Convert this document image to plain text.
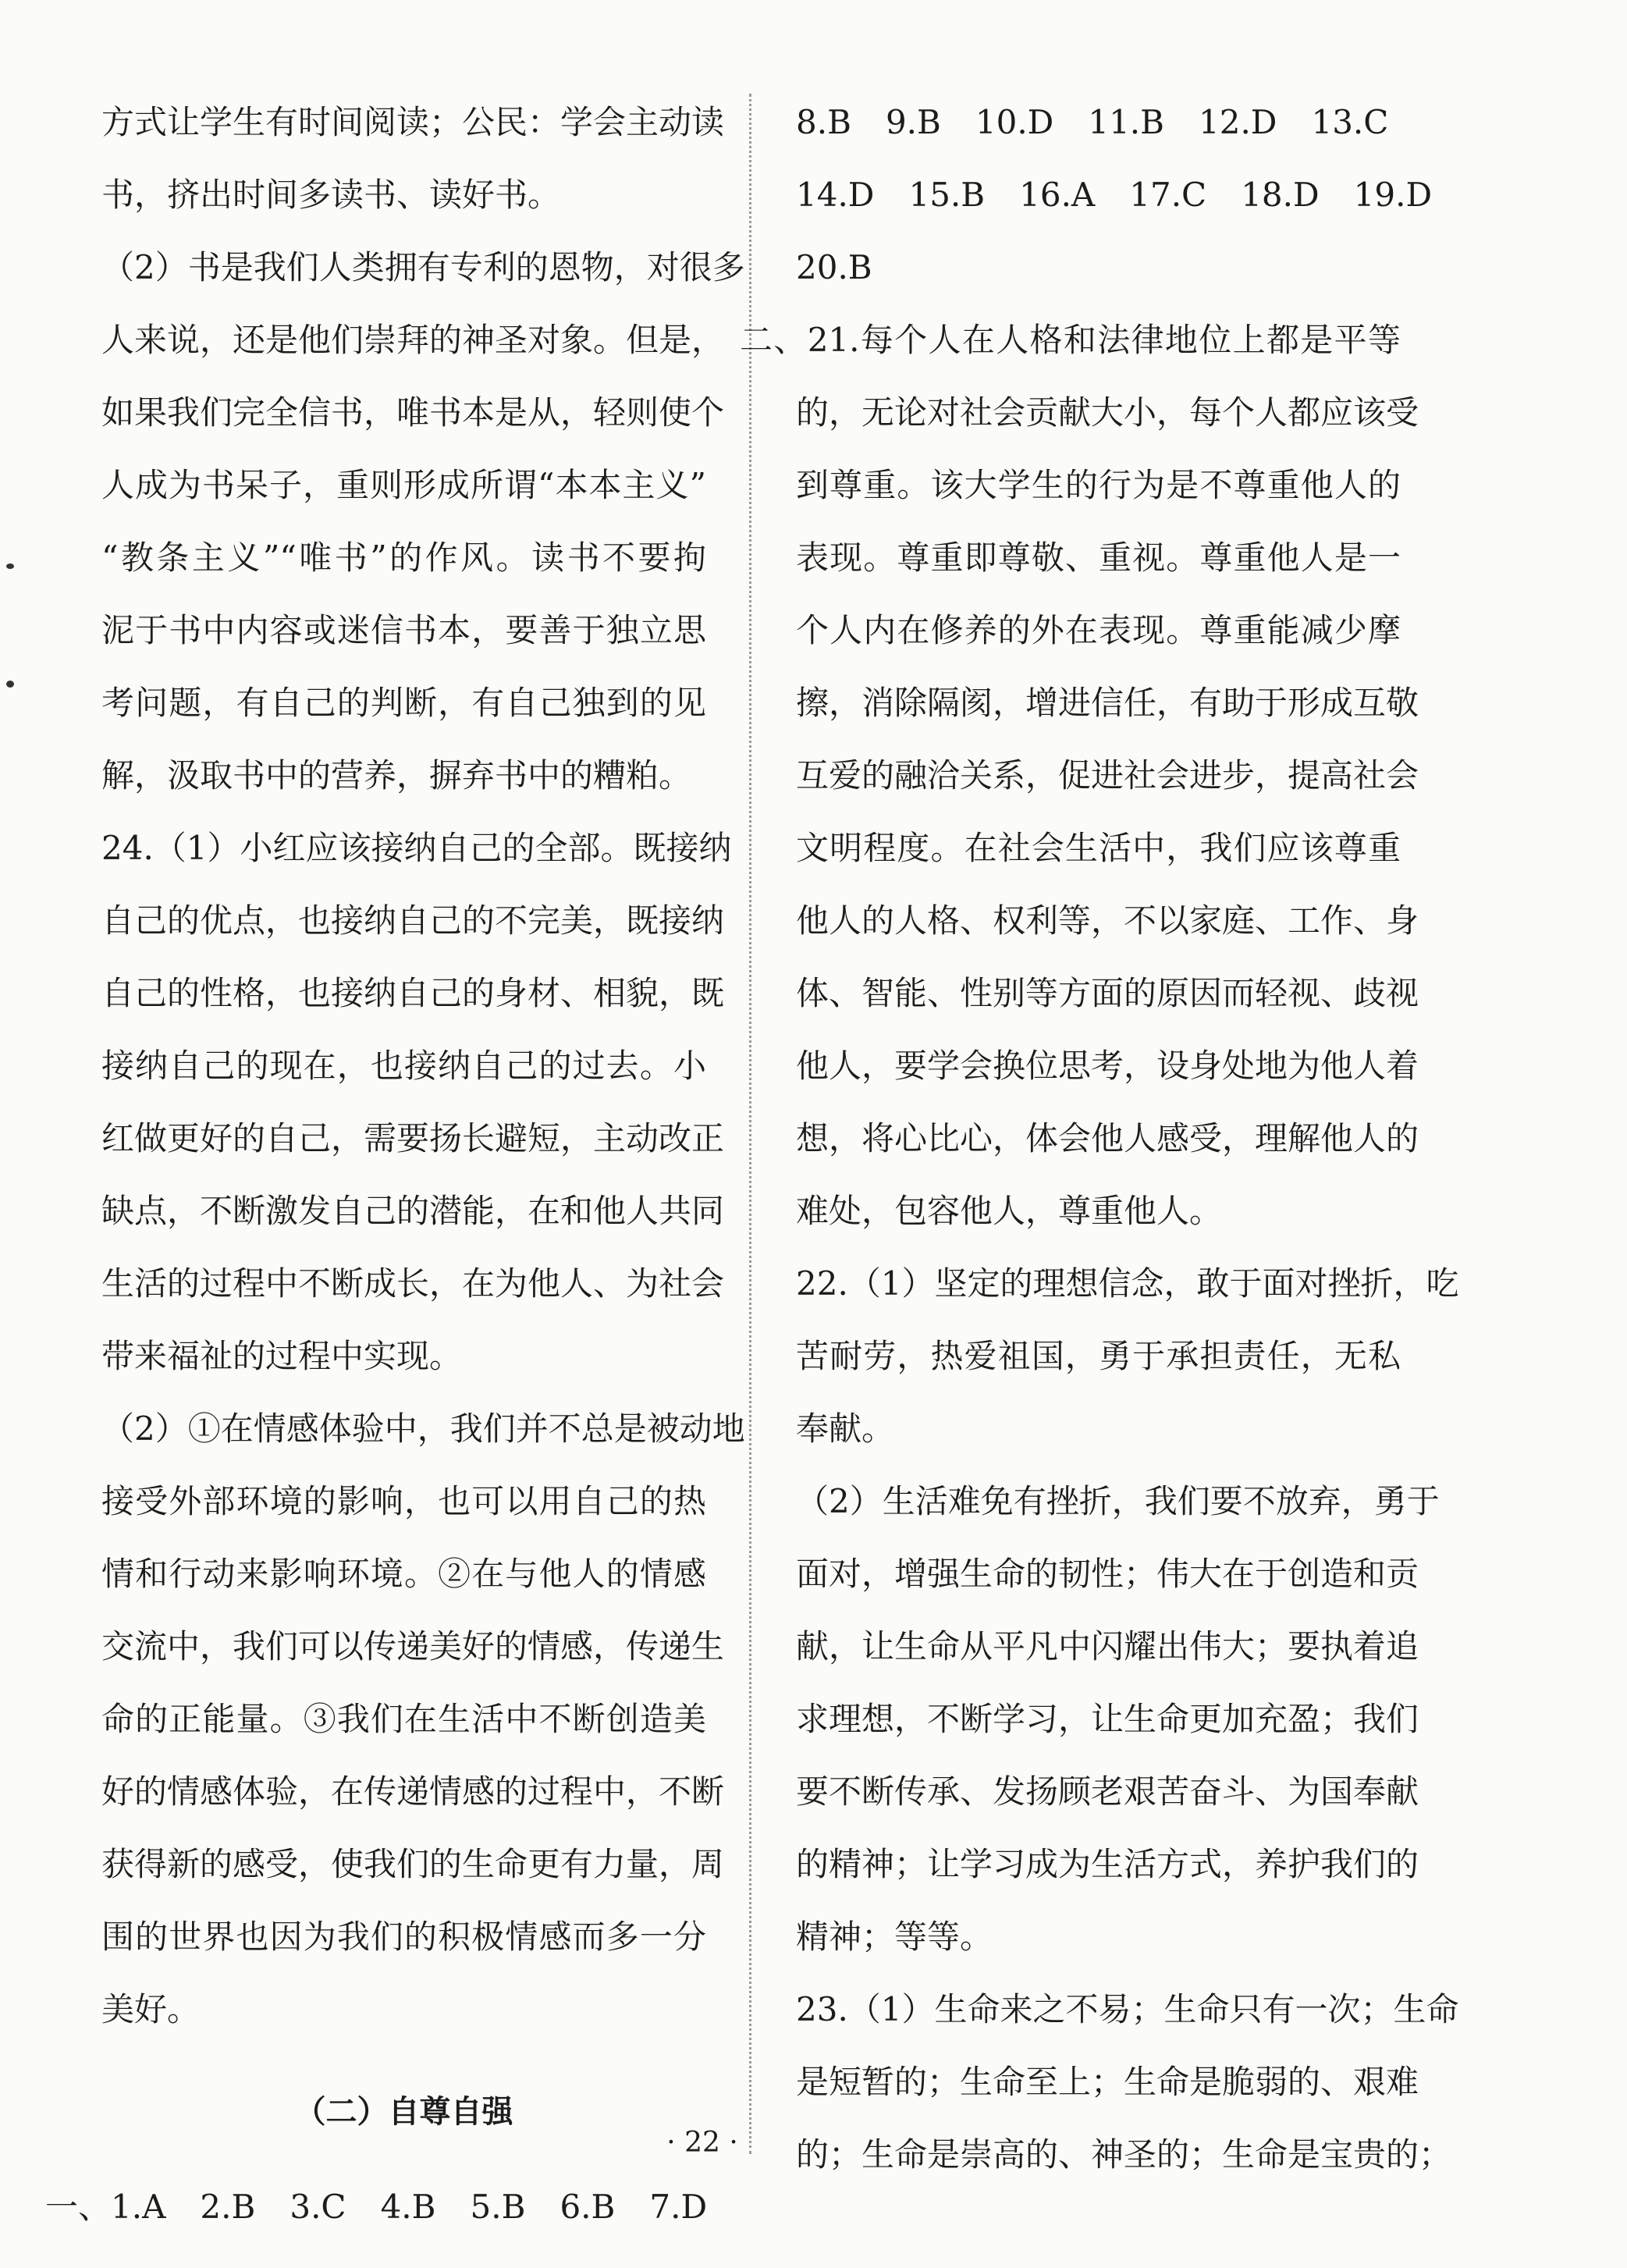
方式让学生有时间阅读；公民：学会主动读
书，挤出时间多读书、读好书。
（2）书是我们人类拥有专利的恩物，对很多
人来说，还是他们崇拜的神圣对象。但是，
如果我们完全信书，唯书本是从，轻则使个
人成为书呆子，重则形成所谓“本本主义”
“教条主义”“唯书”的作风。读书不要拘
泥于书中内容或迷信书本，要善于独立思
考问题，有自己的判断，有自己独到的见
解，汲取书中的营养，摒弃书中的糟粕。
24.（1）小红应该接纳自己的全部。既接纳
自己的优点，也接纳自己的不完美，既接纳
自己的性格，也接纳自己的身材、相貌，既
接纳自己的现在，也接纳自己的过去。小
红做更好的自己，需要扬长避短，主动改正
缺点，不断激发自己的潜能，在和他人共同
生活的过程中不断成长，在为他人、为社会
带来福祉的过程中实现。
（2）①在情感体验中，我们并不总是被动地
接受外部环境的影响，也可以用自己的热
情和行动来影响环境。②在与他人的情感
交流中，我们可以传递美好的情感，传递生
命的正能量。③我们在生活中不断创造美
好的情感体验，在传递情感的过程中，不断
获得新的感受，使我们的生命更有力量，周
围的世界也因为我们的积极情感而多一分
美好。
（二）自尊自强
一、1.A 2.B 3.C 4.B 5.B 6.B 7.D
8.B 9.B 10.D 11.B 12.D 13.C
14.D 15.B 16.A 17.C 18.D 19.D
20.B
二、21.每个人在人格和法律地位上都是平等
的，无论对社会贡献大小，每个人都应该受
到尊重。该大学生的行为是不尊重他人的
表现。尊重即尊敬、重视。尊重他人是一
个人内在修养的外在表现。尊重能减少摩
擦，消除隔阂，增进信任，有助于形成互敬
互爱的融洽关系，促进社会进步，提高社会
文明程度。在社会生活中，我们应该尊重
他人的人格、权利等，不以家庭、工作、身
体、智能、性别等方面的原因而轻视、歧视
他人，要学会换位思考，设身处地为他人着
想，将心比心，体会他人感受，理解他人的
难处，包容他人，尊重他人。
22.（1）坚定的理想信念，敢于面对挫折，吃
苦耐劳，热爱祖国，勇于承担责任，无私
奉献。
（2）生活难免有挫折，我们要不放弃，勇于
面对，增强生命的韧性；伟大在于创造和贡
献，让生命从平凡中闪耀出伟大；要执着追
求理想，不断学习，让生命更加充盈；我们
要不断传承、发扬顾老艰苦奋斗、为国奉献
的精神；让学习成为生活方式，养护我们的
精神；等等。
23.（1）生命来之不易；生命只有一次；生命
是短暂的；生命至上；生命是脆弱的、艰难
的；生命是崇高的、神圣的；生命是宝贵的；
· 22 ·
